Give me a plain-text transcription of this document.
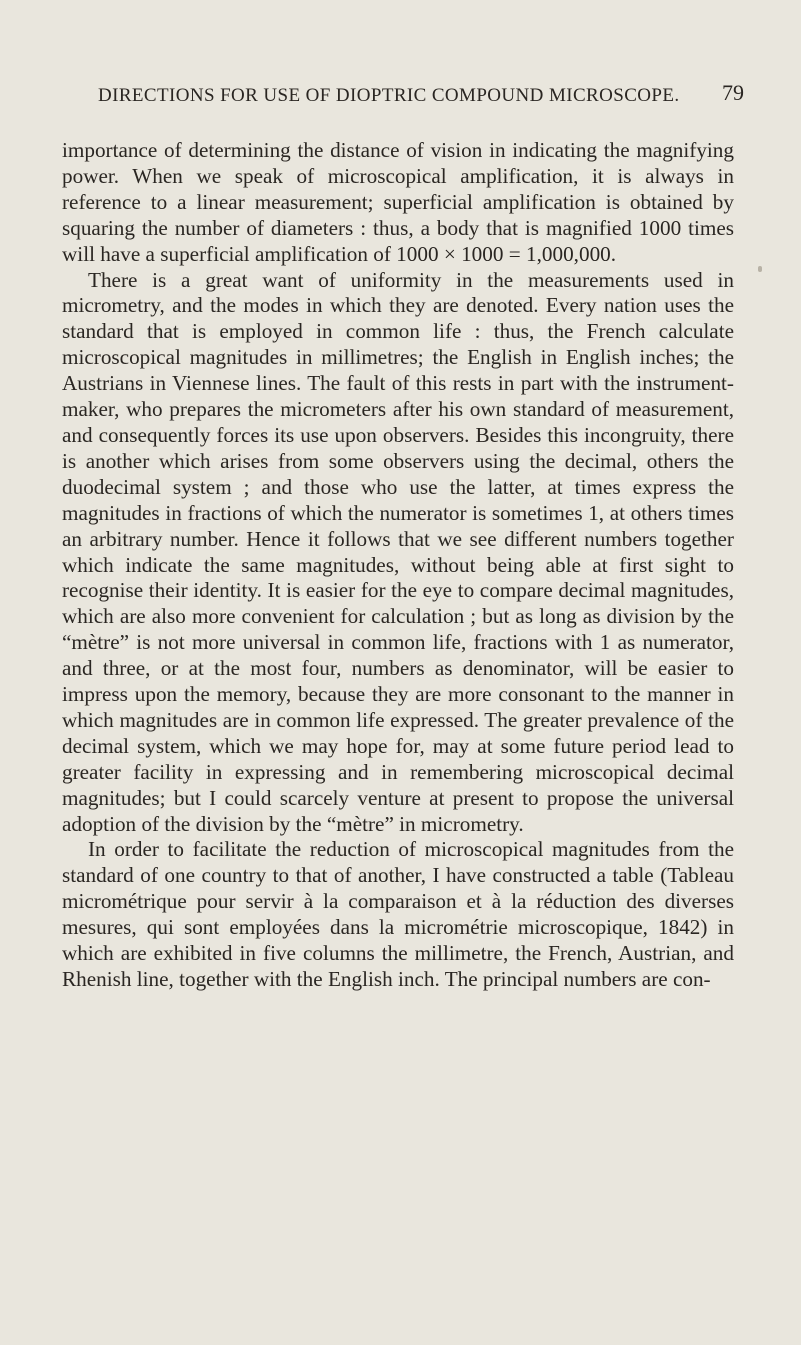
DIRECTIONS FOR USE OF DIOPTRIC COMPOUND MICROSCOPE.	79

importance of determining the distance of vision in indicating the magnifying power. When we speak of microscopical amplification, it is always in reference to a linear measurement; superficial amplification is obtained by squaring the number of diameters : thus, a body that is magnified 1000 times will have a superficial amplification of 1000 × 1000 = 1,000,000.

There is a great want of uniformity in the measurements used in micrometry, and the modes in which they are denoted. Every nation uses the standard that is employed in common life : thus, the French calculate microscopical magnitudes in millimetres; the English in English inches; the Austrians in Viennese lines. The fault of this rests in part with the instrument-maker, who prepares the micrometers after his own standard of measurement, and consequently forces its use upon observers. Besides this incongruity, there is another which arises from some observers using the decimal, others the duodecimal system ; and those who use the latter, at times express the magnitudes in fractions of which the numerator is sometimes 1, at others times an arbitrary number. Hence it follows that we see different numbers together which indicate the same magnitudes, without being able at first sight to recognise their identity. It is easier for the eye to compare decimal magnitudes, which are also more convenient for calculation ; but as long as division by the “mètre” is not more universal in common life, fractions with 1 as numerator, and three, or at the most four, numbers as denominator, will be easier to impress upon the memory, because they are more consonant to the manner in which magnitudes are in common life expressed. The greater prevalence of the decimal system, which we may hope for, may at some future period lead to greater facility in expressing and in remembering microscopical decimal magnitudes; but I could scarcely venture at present to propose the universal adoption of the division by the “mètre” in micrometry.

In order to facilitate the reduction of microscopical magnitudes from the standard of one country to that of another, I have constructed a table (Tableau micrométrique pour servir à la comparaison et à la réduction des diverses mesures, qui sont employées dans la micrométrie microscopique, 1842) in which are exhibited in five columns the millimetre, the French, Austrian, and Rhenish line, together with the English inch. The principal numbers are con-
